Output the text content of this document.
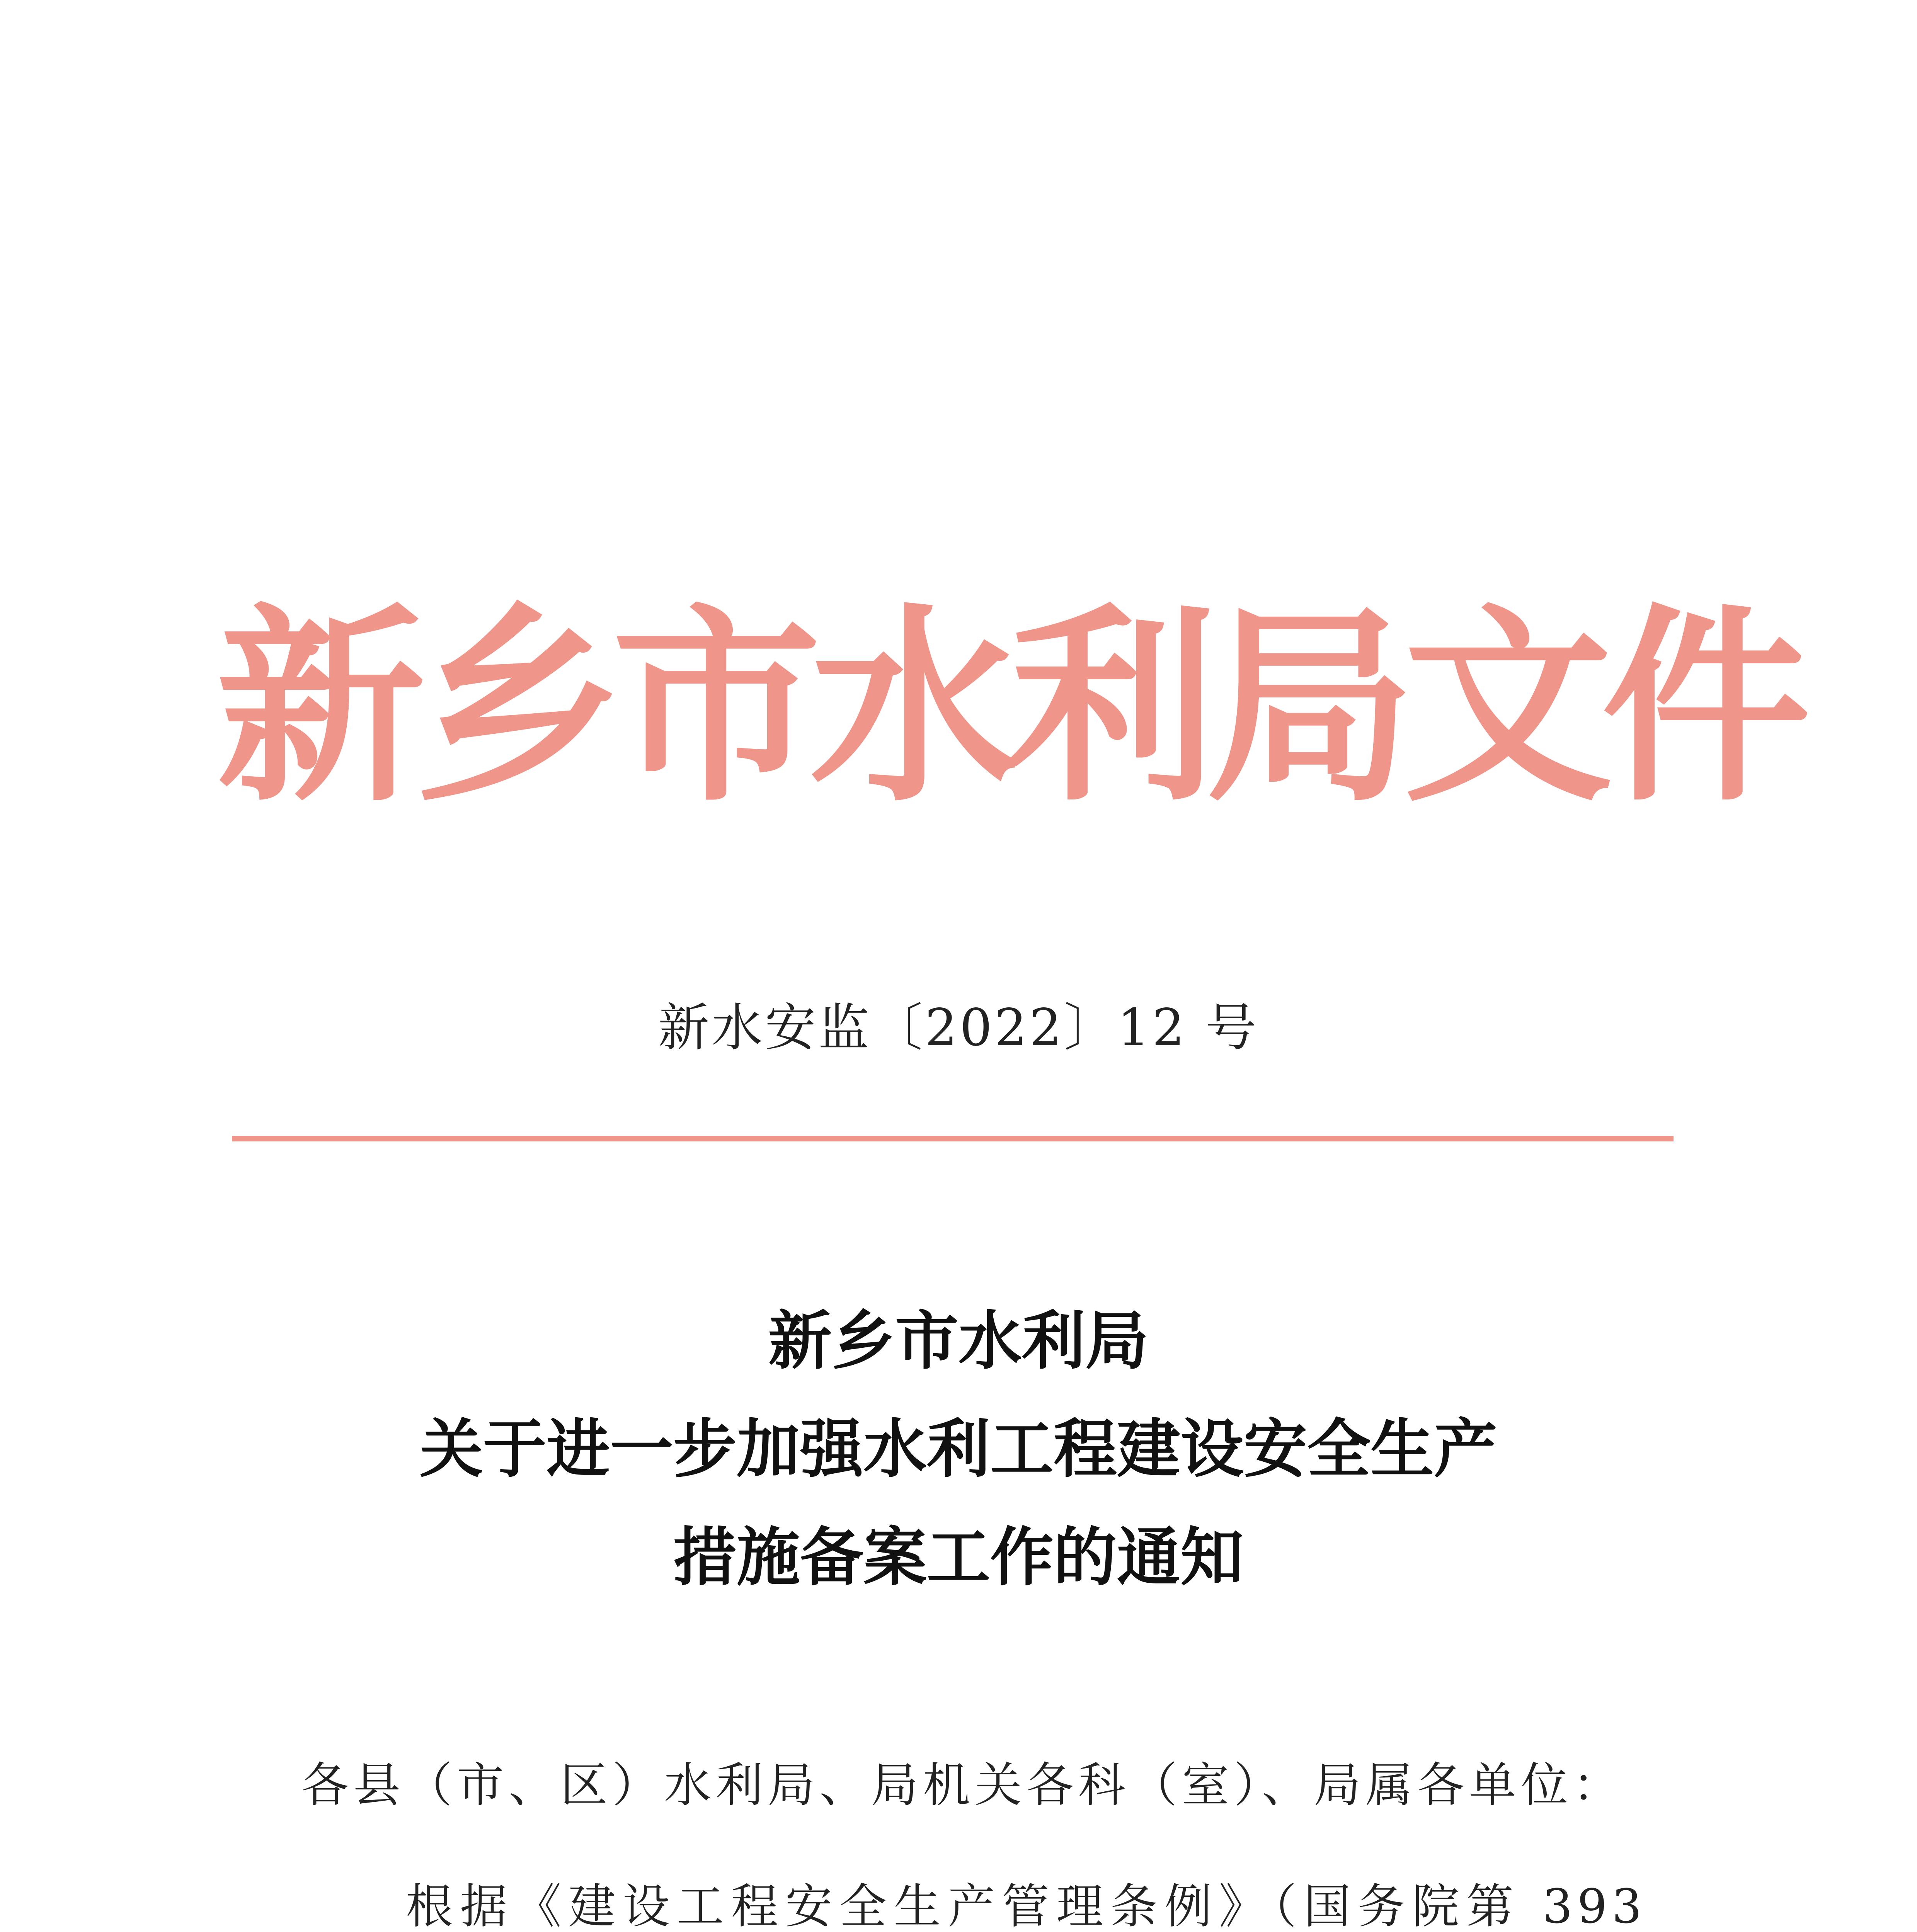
新乡市水利局文件
新水安监〔2022〕12 号
新乡市水利局
关于进一步加强水利工程建设安全生产
措施备案工作的通知
各县（市、区）水利局、局机关各科（室）、局属各单位：
根据《建设工程安全生产管理条例》（国务院第 393
